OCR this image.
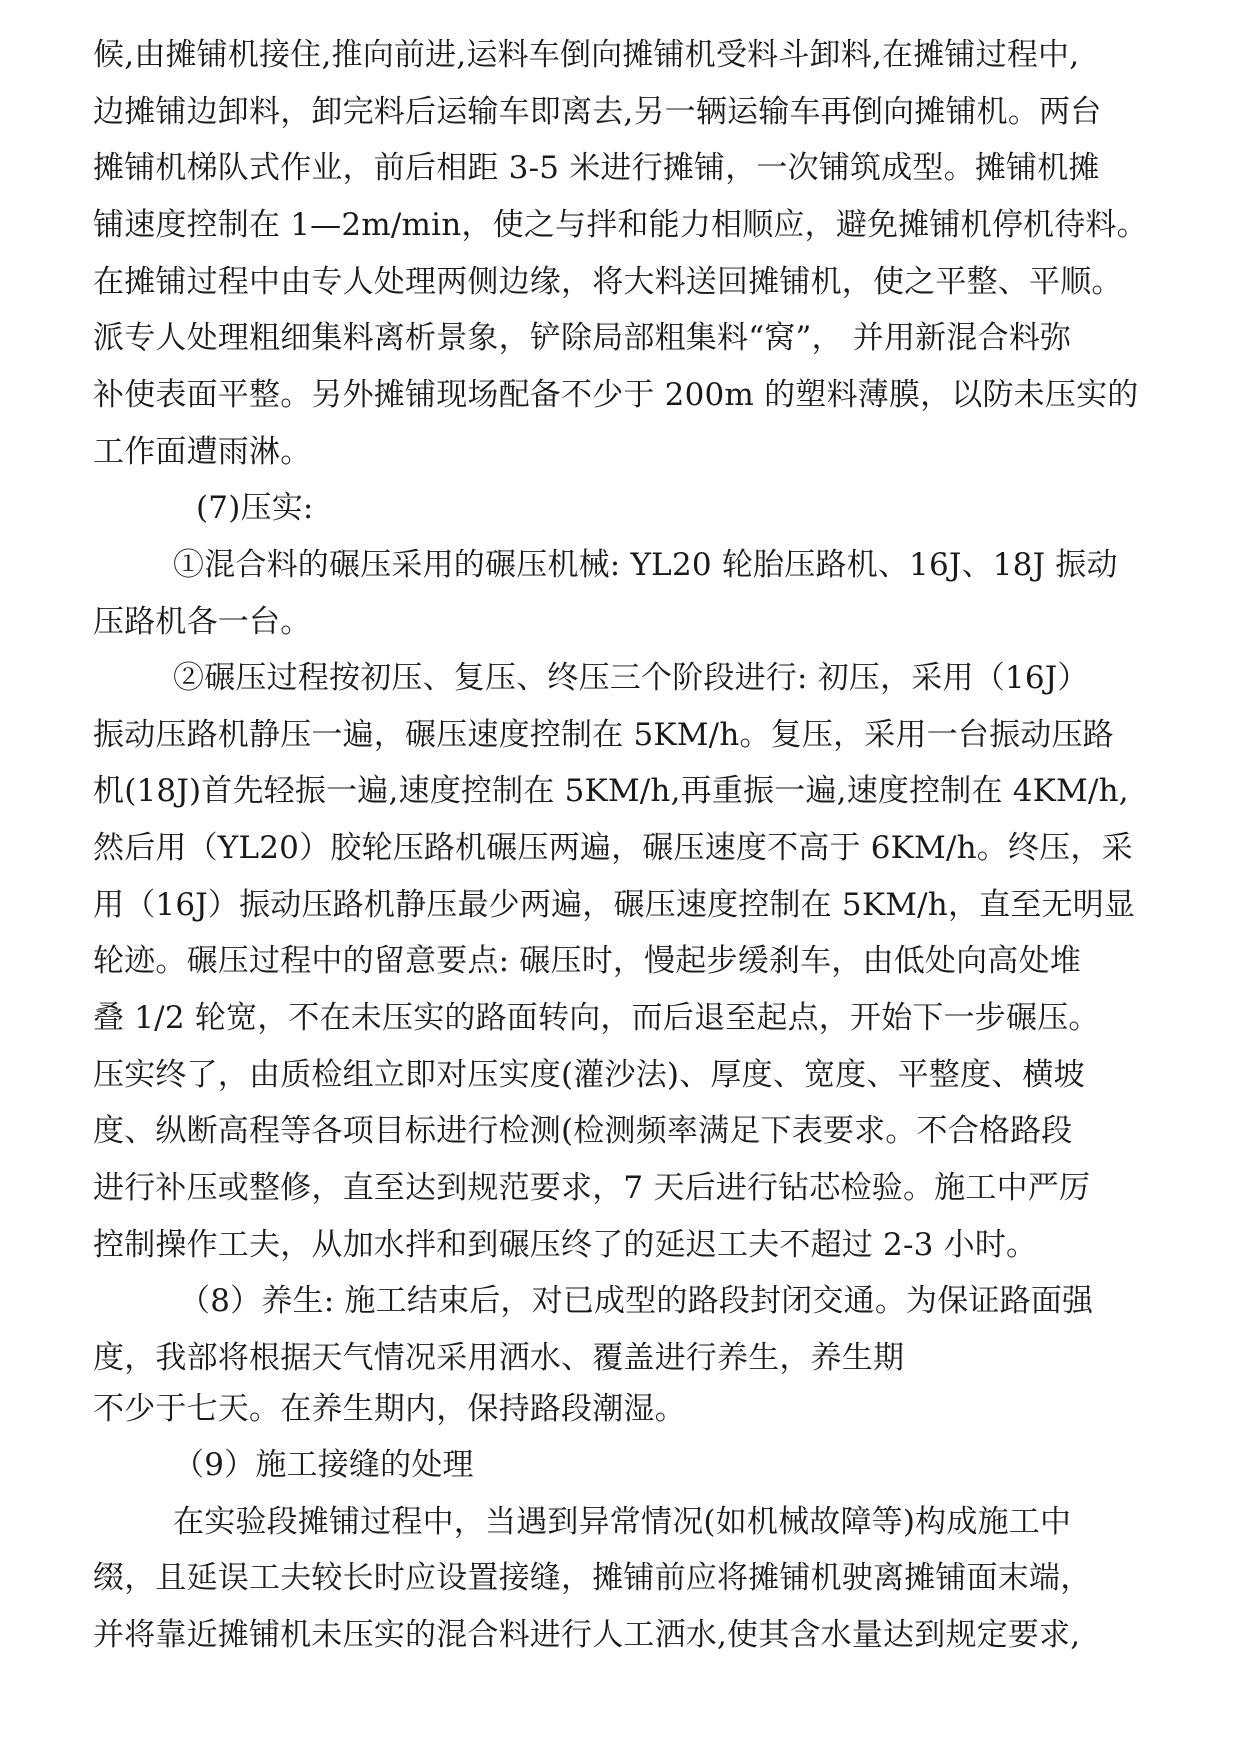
候,由摊铺机接住,推向前进,运料车倒向摊铺机受料斗卸料,在摊铺过程中,
边摊铺边卸料，卸完料后运输车即离去,另一辆运输车再倒向摊铺机。两台
摊铺机梯队式作业，前后相距 3-5 米进行摊铺，一次铺筑成型。摊铺机摊
铺速度控制在 1—2m/min，使之与拌和能力相顺应，避免摊铺机停机待料。
在摊铺过程中由专人处理两侧边缘，将大料送回摊铺机，使之平整、平顺。
派专人处理粗细集料离析景象，铲除局部粗集料“窝”， 并用新混合料弥
补使表面平整。另外摊铺现场配备不少于 200m 的塑料薄膜，以防未压实的
工作面遭雨淋。
(7)压实:
①混合料的碾压采用的碾压机械: YL20 轮胎压路机、16J、18J 振动
压路机各一台。
②碾压过程按初压、复压、终压三个阶段进行: 初压，采用（16J）
振动压路机静压一遍，碾压速度控制在 5KM/h。复压，采用一台振动压路
机(18J)首先轻振一遍,速度控制在 5KM/h,再重振一遍,速度控制在 4KM/h,
然后用（YL20）胶轮压路机碾压两遍，碾压速度不高于 6KM/h。终压，采
用（16J）振动压路机静压最少两遍，碾压速度控制在 5KM/h，直至无明显
轮迹。碾压过程中的留意要点: 碾压时，慢起步缓刹车，由低处向高处堆
叠 1/2 轮宽，不在未压实的路面转向，而后退至起点，开始下一步碾压。
压实终了，由质检组立即对压实度(灌沙法)、厚度、宽度、平整度、横坡
度、纵断高程等各项目标进行检测(检测频率满足下表要求。不合格路段
进行补压或整修，直至达到规范要求，7 天后进行钻芯检验。施工中严厉
控制操作工夫，从加水拌和到碾压终了的延迟工夫不超过 2-3 小时。
（8）养生: 施工结束后，对已成型的路段封闭交通。为保证路面强
度，我部将根据天气情况采用洒水、覆盖进行养生，养生期
不少于七天。在养生期内，保持路段潮湿。
（9）施工接缝的处理
在实验段摊铺过程中，当遇到异常情况(如机械故障等)构成施工中
缀，且延误工夫较长时应设置接缝，摊铺前应将摊铺机驶离摊铺面末端，
并将靠近摊铺机未压实的混合料进行人工洒水,使其含水量达到规定要求,
